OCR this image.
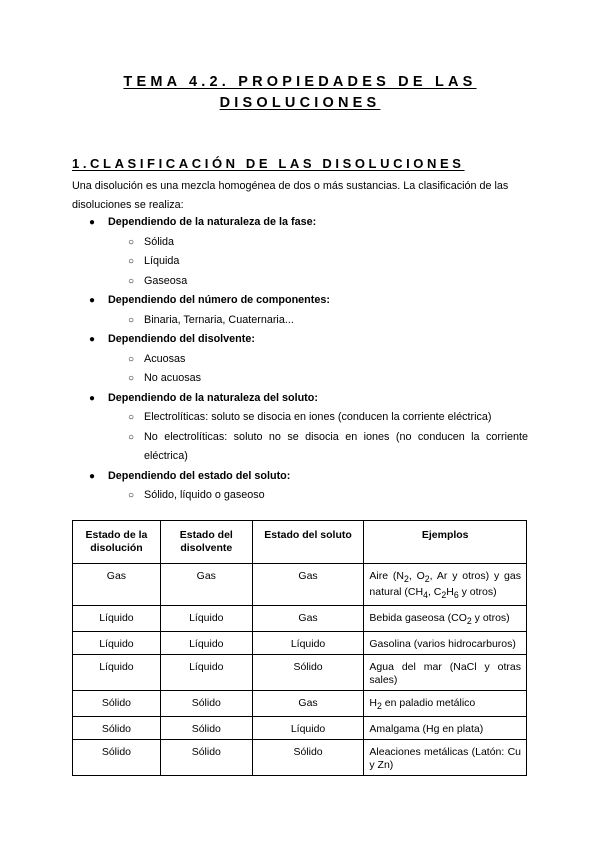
TEMA 4.2. PROPIEDADES DE LAS
DISOLUCIONES
1.CLASIFICACIÓN DE LAS DISOLUCIONES
Una disolución es una mezcla homogénea de dos o más sustancias. La clasificación de las disoluciones se realiza:
● Dependiendo de la naturaleza de la fase:
○ Sólida
○ Líquida
○ Gaseosa
● Dependiendo del número de componentes:
○ Binaria, Ternaria, Cuaternaria...
● Dependiendo del disolvente:
○ Acuosas
○ No acuosas
● Dependiendo de la naturaleza del soluto:
○ Electrolíticas: soluto se disocia en iones (conducen la corriente eléctrica)
○ No electrolíticas: soluto no se disocia en iones (no conducen la corriente eléctrica)
● Dependiendo del estado del soluto:
○ Sólido, líquido o gaseoso
Estado de la disolución	Estado del disolvente	Estado del soluto	Ejemplos
Gas	Gas	Gas	Aire ($N_2$, $O_2$, Ar y otros) y gas natural ($CH_4$, $C_2H_6$ y otros)
Líquido	Líquido	Gas	Bebida gaseosa ($CO_2$ y otros)
Líquido	Líquido	Líquido	Gasolina (varios hidrocarburos)
Líquido	Líquido	Sólido	Agua del mar (NaCl y otras sales)
Sólido	Sólido	Gas	$H_2$ en paladio metálico
Sólido	Sólido	Líquido	Amalgama (Hg en plata)
Sólido	Sólido	Sólido	Aleaciones metálicas (Latón: Cu y Zn)
